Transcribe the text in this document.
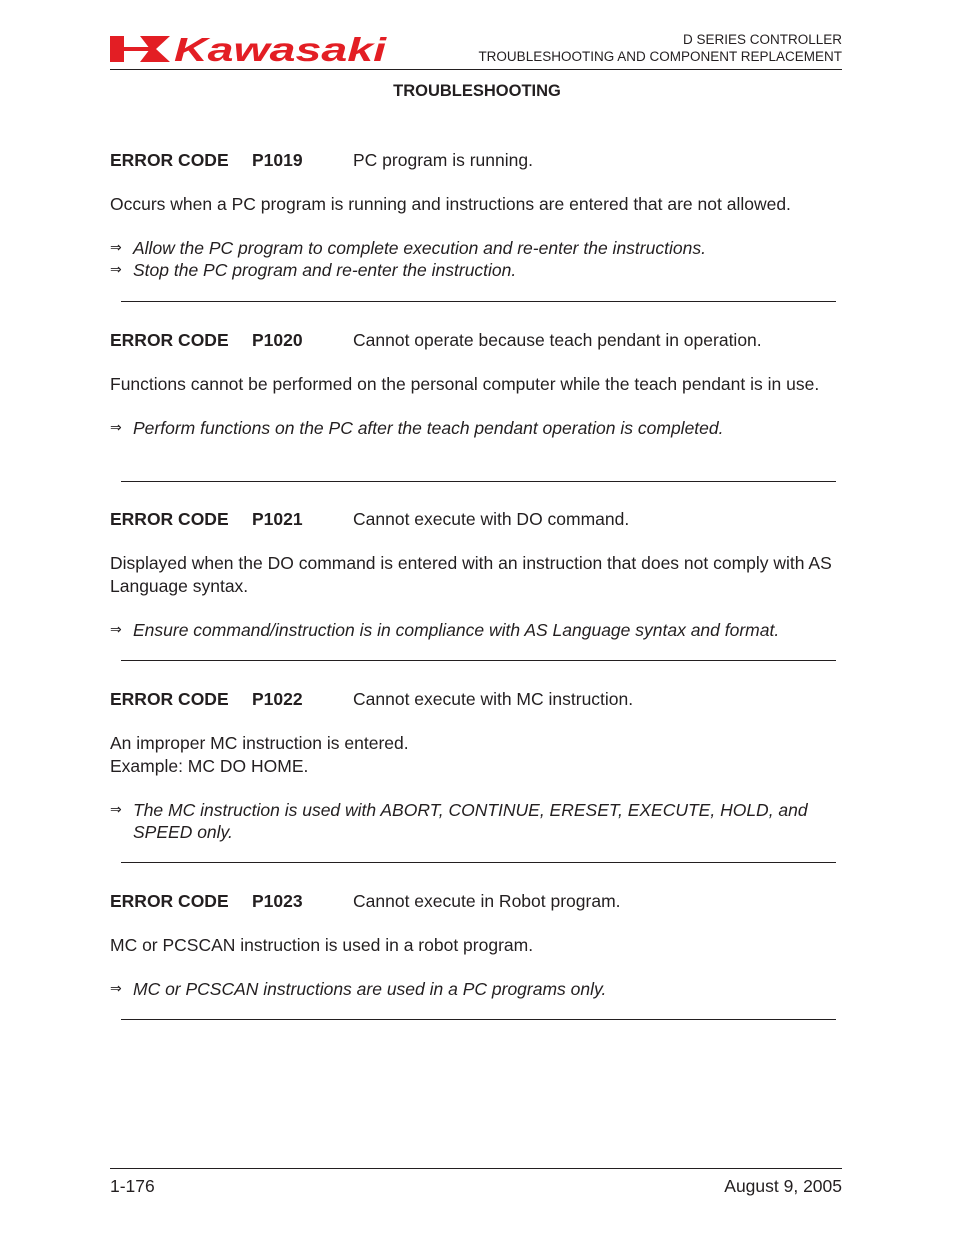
Kawasaki	D SERIES CONTROLLER
TROUBLESHOOTING AND COMPONENT REPLACEMENT
TROUBLESHOOTING
ERROR CODE P1019	PC program is running.

Occurs when a PC program is running and instructions are entered that are not allowed.

⇒ Allow the PC program to complete execution and re-enter the instructions.
⇒ Stop the PC program and re-enter the instruction.
ERROR CODE P1020	Cannot operate because teach pendant in operation.

Functions cannot be performed on the personal computer while the teach pendant is in use.

⇒ Perform functions on the PC after the teach pendant operation is completed.
ERROR CODE P1021	Cannot execute with DO command.

Displayed when the DO command is entered with an instruction that does not comply with AS Language syntax.

⇒ Ensure command/instruction is in compliance with AS Language syntax and format.
ERROR CODE P1022	Cannot execute with MC instruction.

An improper MC instruction is entered.

Example: MC DO HOME.

⇒ The MC instruction is used with ABORT, CONTINUE, ERESET, EXECUTE, HOLD, and SPEED only.
ERROR CODE P1023	Cannot execute in Robot program.

MC or PCSCAN instruction is used in a robot program.

⇒ MC or PCSCAN instructions are used in a PC programs only.
1-176	August 9, 2005
